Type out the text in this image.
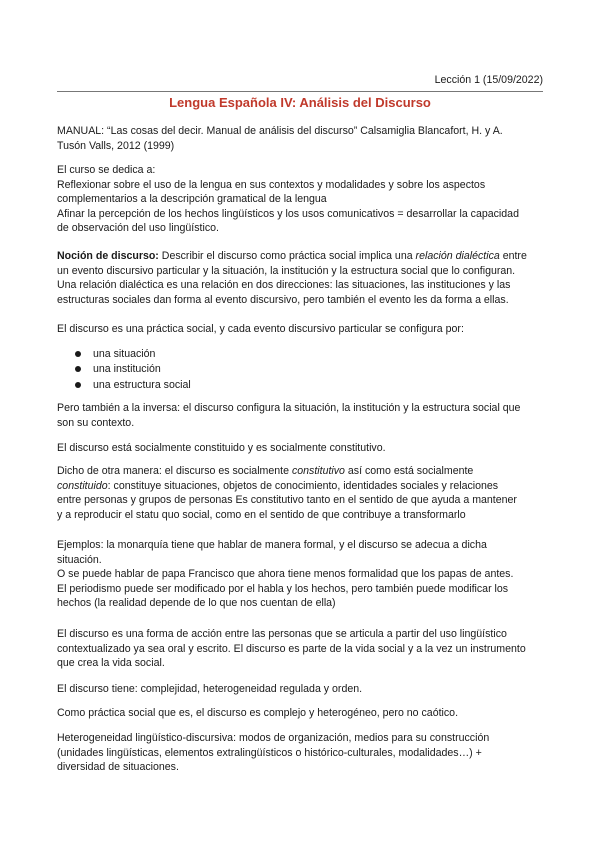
Lección 1 (15/09/2022)
Lengua Española IV: Análisis del Discurso

MANUAL: “Las cosas del decir. Manual de análisis del discurso” Calsamiglia Blancafort, H. y A.

Tusón Valls, 2012 (1999)

El curso se dedica a:

Reflexionar sobre el uso de la lengua en sus contextos y modalidades y sobre los aspectos

complementarios a la descripción gramatical de la lengua

Afinar la percepción de los hechos lingüísticos y los usos comunicativos = desarrollar la capacidad

de observación del uso lingüístico.

Noción de discurso: Describir el discurso como práctica social implica una relación dialéctica entre

un evento discursivo particular y la situación, la institución y la estructura social que lo configuran.

Una relación dialéctica es una relación en dos direcciones: las situaciones, las instituciones y las

estructuras sociales dan forma al evento discursivo, pero también el evento les da forma a ellas.

El discurso es una práctica social, y cada evento discursivo particular se configura por:

una situación
una institución
una estructura social

Pero también a la inversa: el discurso configura la situación, la institución y la estructura social que

son su contexto.

El discurso está socialmente constituido y es socialmente constitutivo.

Dicho de otra manera: el discurso es socialmente constitutivo así como está socialmente

constituido: constituye situaciones, objetos de conocimiento, identidades sociales y relaciones

entre personas y grupos de personas Es constitutivo tanto en el sentido de que ayuda a mantener

y a reproducir el statu quo social, como en el sentido de que contribuye a transformarlo

Ejemplos: la monarquía tiene que hablar de manera formal, y el discurso se adecua a dicha

situación.

O se puede hablar de papa Francisco que ahora tiene menos formalidad que los papas de antes.

El periodismo puede ser modificado por el habla y los hechos, pero también puede modificar los

hechos (la realidad depende de lo que nos cuentan de ella)

El discurso es una forma de acción entre las personas que se articula a partir del uso lingüístico

contextualizado ya sea oral y escrito. El discurso es parte de la vida social y a la vez un instrumento

que crea la vida social.

El discurso tiene: complejidad, heterogeneidad regulada y orden.

Como práctica social que es, el discurso es complejo y heterogéneo, pero no caótico.

Heterogeneidad lingüístico-discursiva: modos de organización, medios para su construcción

(unidades lingüísticas, elementos extralingüísticos o histórico-culturales, modalidades…) +

diversidad de situaciones.
